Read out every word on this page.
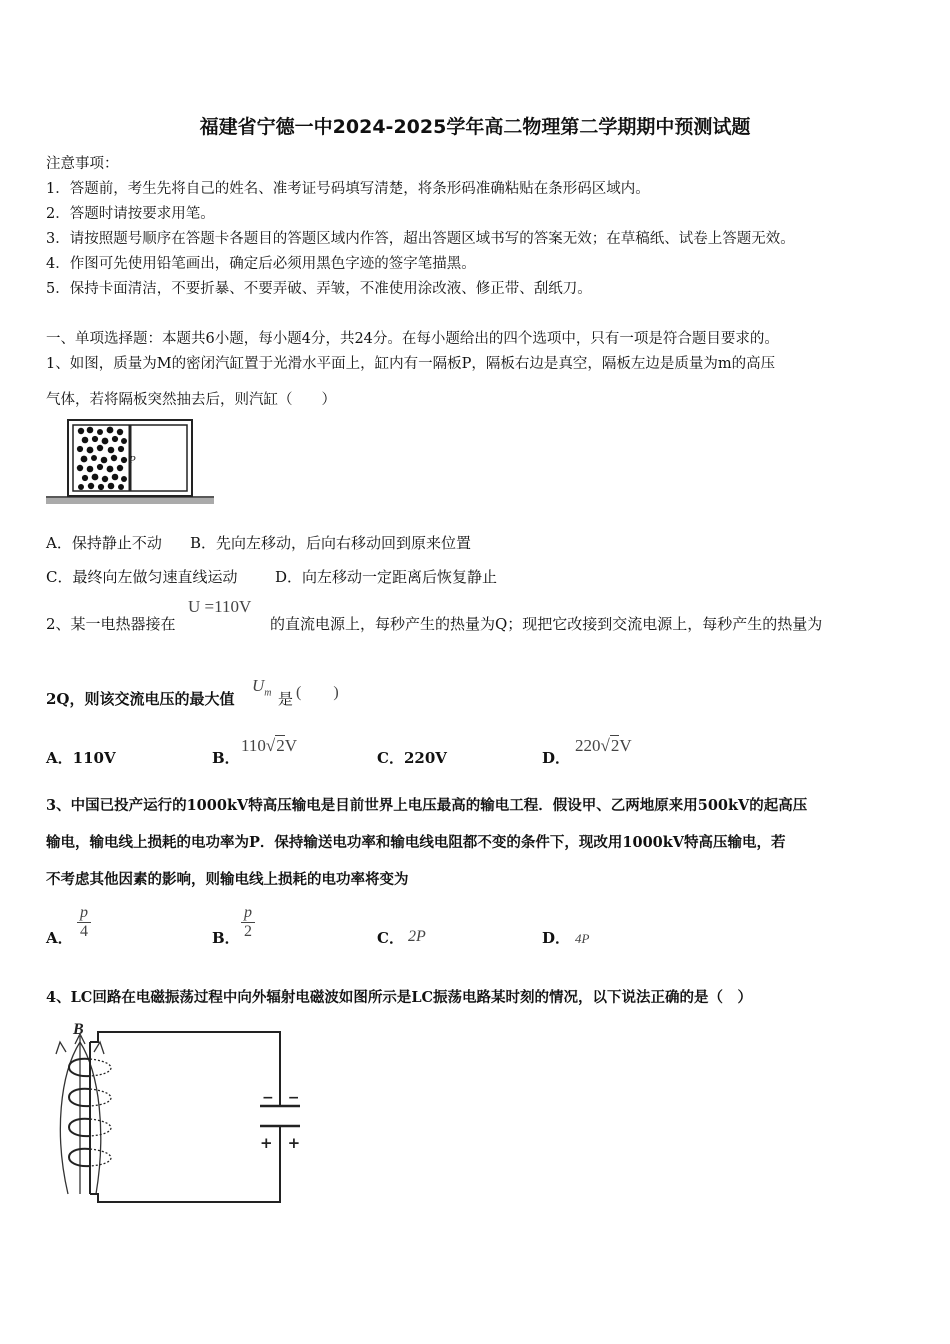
福建省宁德一中2024-2025学年高二物理第二学期期中预测试题
注意事项：
1．答题前，考生先将自己的姓名、准考证号码填写清楚，将条形码准确粘贴在条形码区域内。
2．答题时请按要求用笔。
3．请按照题号顺序在答题卡各题目的答题区域内作答，超出答题区域书写的答案无效；在草稿纸、试卷上答题无效。
4．作图可先使用铅笔画出，确定后必须用黑色字迹的签字笔描黑。
5．保持卡面清洁，不要折暴、不要弄破、弄皱，不准使用涂改液、修正带、刮纸刀。
一、单项选择题：本题共6小题，每小题4分，共24分。在每小题给出的四个选项中，只有一项是符合题目要求的。
1、如图，质量为M的密闭汽缸置于光滑水平面上，缸内有一隔板P，隔板右边是真空，隔板左边是质量为m的高压
气体，若将隔板突然抽去后，则汽缸（　　）
P
A．保持静止不动 B．先向左移动，后向右移动回到原来位置
C．最终向左做匀速直线运动	D．向左移动一定距离后恢复静止
2、某一电热器接在
U =110V
的直流电源上，每秒产生的热量为Q；现把它改接到交流电源上，每秒产生的热量为
2Q，则该交流电压的最大值
$U_m$ 是 (　　)
A．110V	B．
110√2V
C．220V	D．
220√2V
3、中国已投产运行的1000kV特高压输电是目前世界上电压最高的输电工程．假设甲、乙两地原来用500kV的起高压
输电，输电线上损耗的电功率为P．保持输送电功率和输电线电阻都不变的条件下，现改用1000kV特高压输电，若
不考虑其他因素的影响，则输电线上损耗的电功率将变为
A． $\frac{p}{4}$	B． $\frac{p}{2}$	C． 2P	D． 4P
4、LC回路在电磁振荡过程中向外辐射电磁波如图所示是LC振荡电路某时刻的情况，以下说法正确的是（　）
B
−　−
+　+
